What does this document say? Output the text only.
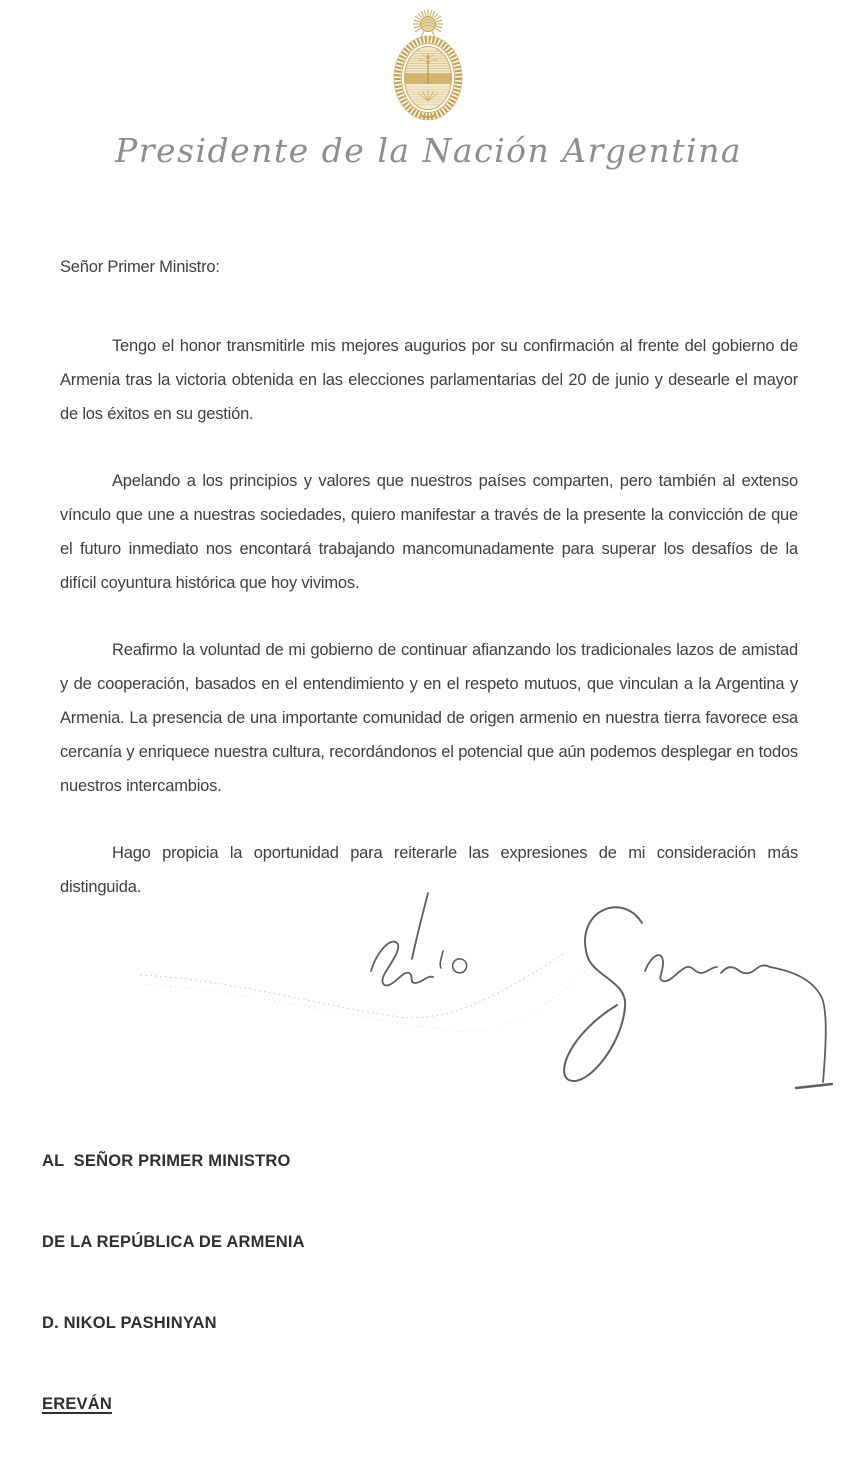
Presidente de la Nación Argentina

Señor Primer Ministro:

Tengo el honor transmitirle mis mejores augurios por su confirmación al frente del gobierno de Armenia tras la victoria obtenida en las elecciones parlamentarias del 20 de junio y desearle el mayor de los éxitos en su gestión.
Apelando a los principios y valores que nuestros países comparten, pero también al extenso vínculo que une a nuestras sociedades, quiero manifestar a través de la presente la convicción de que el futuro inmediato nos encontará trabajando mancomunadamente para superar los desafíos de la difícil coyuntura histórica que hoy vivimos.
Reafirmo la voluntad de mi gobierno de continuar afianzando los tradicionales lazos de amistad y de cooperación, basados en el entendimiento y en el respeto mutuos, que vinculan a la Argentina y Armenia. La presencia de una importante comunidad de origen armenio en nuestra tierra favorece esa cercanía y enriquece nuestra cultura, recordándonos el potencial que aún podemos desplegar en todos nuestros intercambios.
Hago propicia la oportunidad para reiterarle las expresiones de mi consideración más distinguida.

AL  SEÑOR PRIMER MINISTRO

DE LA REPÚBLICA DE ARMENIA

D. NIKOL PASHINYAN

EREVÁN
